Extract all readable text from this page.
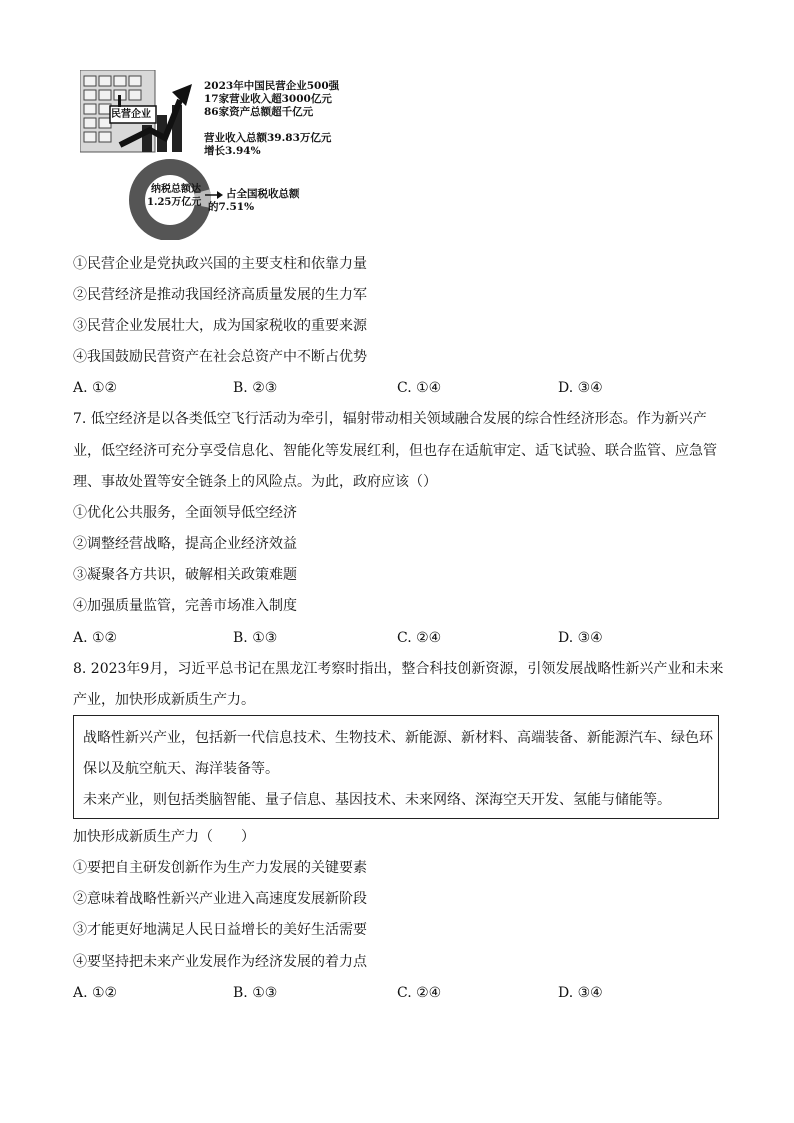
2023年中国民营企业500强
17家营业收入超3000亿元
86家资产总额超千亿元
营业收入总额39.83万亿元
增长3.94%
民营企业
纳税总额达
1.25万亿元
占全国税收总额
的7.51%
①民营企业是党执政兴国的主要支柱和依靠力量
②民营经济是推动我国经济高质量发展的生力军
③民营企业发展壮大，成为国家税收的重要来源
④我国鼓励民营资产在社会总资产中不断占优势
A. ①②	B. ②③	C. ①④	D. ③④
7. 低空经济是以各类低空飞行活动为牵引，辐射带动相关领域融合发展的综合性经济形态。作为新兴产
业，低空经济可充分享受信息化、智能化等发展红利，但也存在适航审定、适飞试验、联合监管、应急管
理、事故处置等安全链条上的风险点。为此，政府应该（）
①优化公共服务，全面领导低空经济
②调整经营战略，提高企业经济效益
③凝聚各方共识，破解相关政策难题
④加强质量监管，完善市场准入制度
A. ①②	B. ①③	C. ②④	D. ③④
8. 2023年9月，习近平总书记在黑龙江考察时指出，整合科技创新资源，引领发展战略性新兴产业和未来
产业，加快形成新质生产力。
战略性新兴产业，包括新一代信息技术、生物技术、新能源、新材料、高端装备、新能源汽车、绿色环
保以及航空航天、海洋装备等。
未来产业，则包括类脑智能、量子信息、基因技术、未来网络、深海空天开发、氢能与储能等。
加快形成新质生产力（　　）
①要把自主研发创新作为生产力发展的关键要素
②意味着战略性新兴产业进入高速度发展新阶段
③才能更好地满足人民日益增长的美好生活需要
④要坚持把未来产业发展作为经济发展的着力点
A. ①②	B. ①③	C. ②④	D. ③④
